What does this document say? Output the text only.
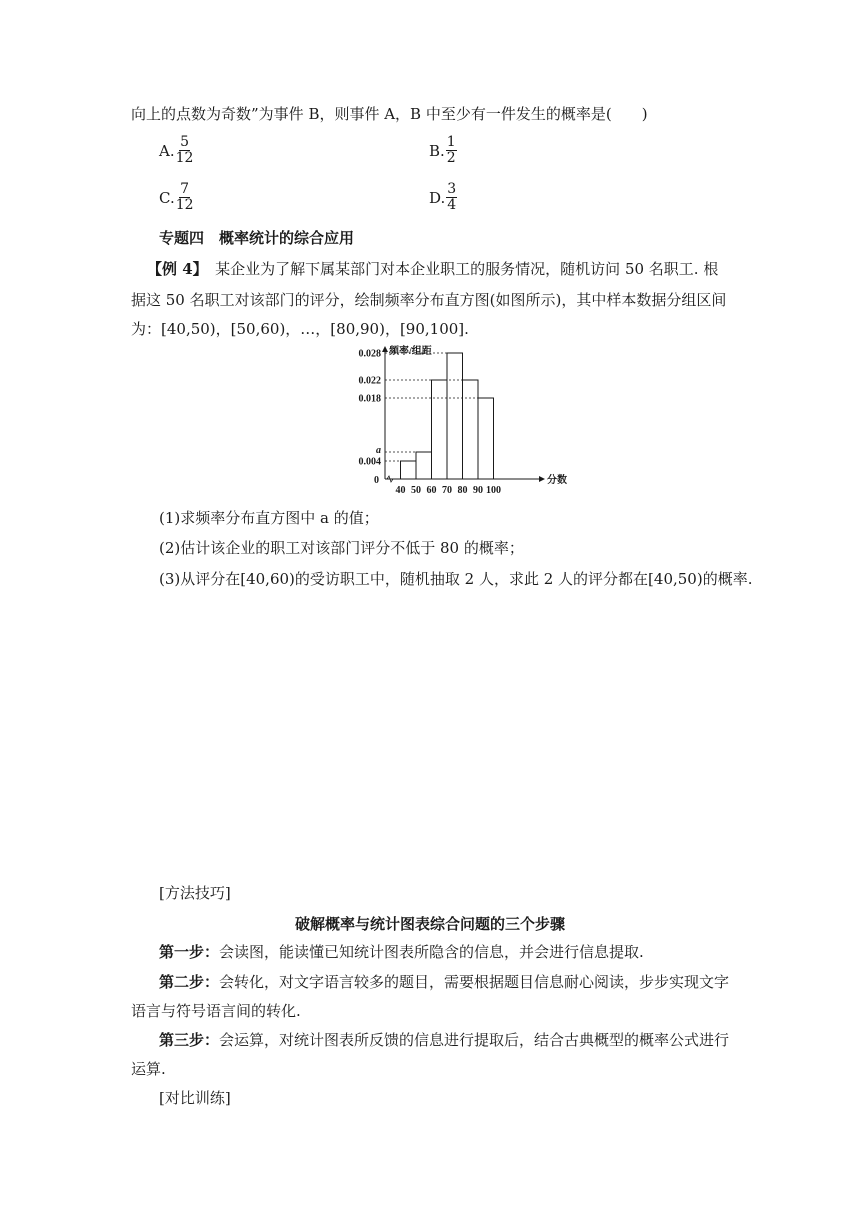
向上的点数为奇数”为事件 B，则事件 A，B 中至少有一件发生的概率是(　　)
A. $\frac{5}{12}$	B. $\frac{1}{2}$
C. $\frac{7}{12}$	D. $\frac{3}{4}$
专题四　概率统计的综合应用
【例 4】　某企业为了解下属某部门对本企业职工的服务情况，随机访问 50 名职工. 根
据这 50 名职工对该部门的评分，绘制频率分布直方图(如图所示)，其中样本数据分组区间
为：[40,50)，[50,60)，…，[80,90)，[90,100].
频率/组距
分数
0
40 50 60 70 80 90 100
a
0.004
0.018
0.022
0.028
(1)求频率分布直方图中 a 的值；
(2)估计该企业的职工对该部门评分不低于 80 的概率；
(3)从评分在[40,60)的受访职工中，随机抽取 2 人，求此 2 人的评分都在[40,50)的概率.
[方法技巧]
破解概率与统计图表综合问题的三个步骤
第一步：会读图，能读懂已知统计图表所隐含的信息，并会进行信息提取.
第二步：会转化，对文字语言较多的题目，需要根据题目信息耐心阅读，步步实现文字
语言与符号语言间的转化.
第三步：会运算，对统计图表所反馈的信息进行提取后，结合古典概型的概率公式进行
运算.
[对比训练]
